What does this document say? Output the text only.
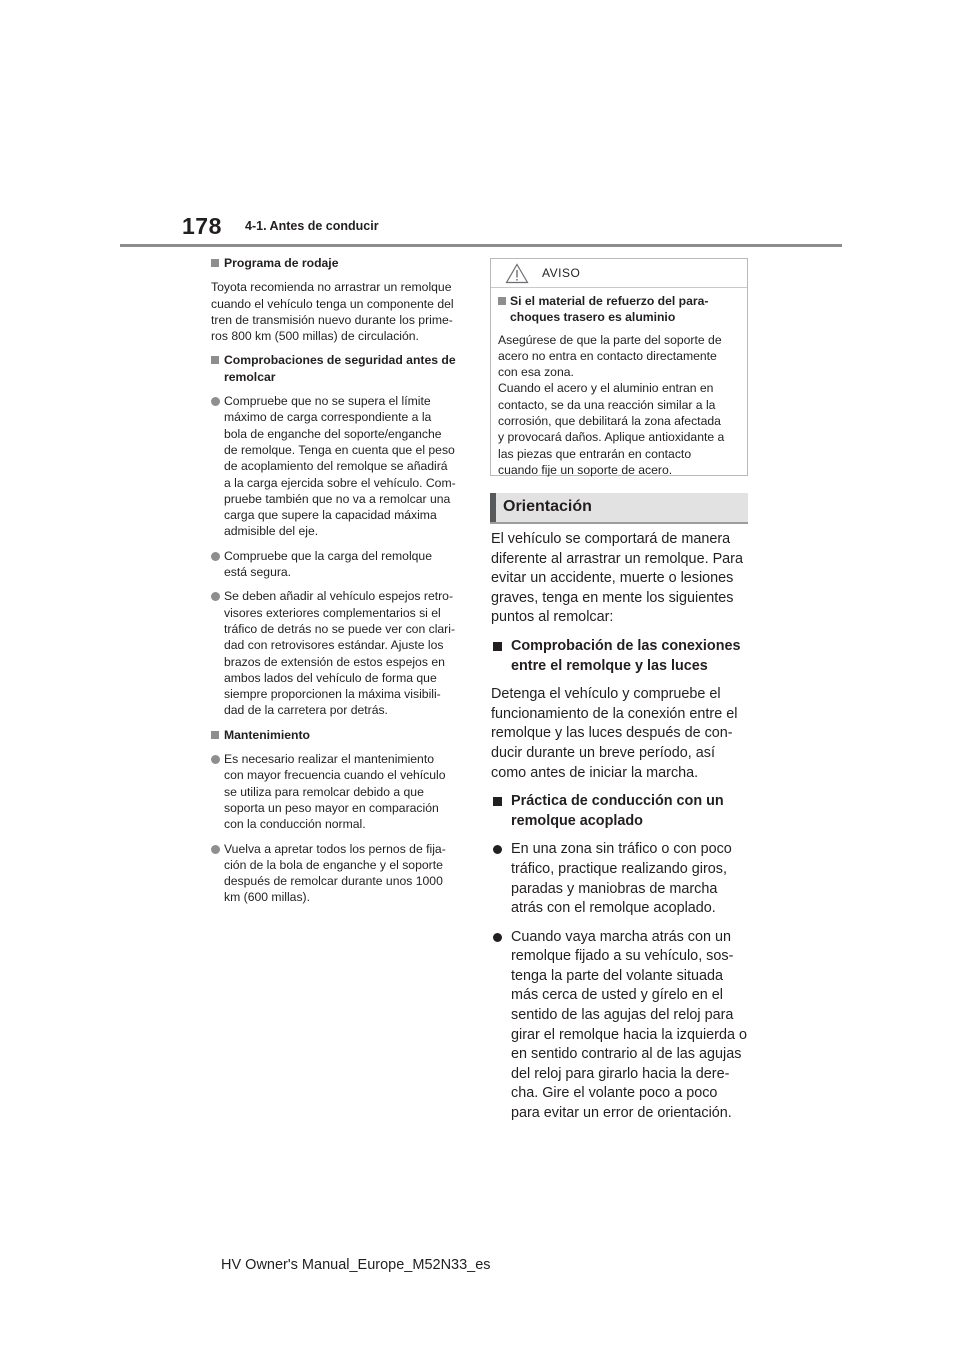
178 4-1. Antes de conducir
Programa de rodaje
Toyota recomienda no arrastrar un remolque
cuando el vehículo tenga un componente del
tren de transmisión nuevo durante los prime-
ros 800 km (500 millas) de circulación.
Comprobaciones de seguridad antes de
remolcar
Compruebe que no se supera el límite
máximo de carga correspondiente a la
bola de enganche del soporte/enganche
de remolque. Tenga en cuenta que el peso
de acoplamiento del remolque se añadirá
a la carga ejercida sobre el vehículo. Com-
pruebe también que no va a remolcar una
carga que supere la capacidad máxima
admisible del eje.
Compruebe que la carga del remolque
está segura.
Se deben añadir al vehículo espejos retro-
visores exteriores complementarios si el
tráfico de detrás no se puede ver con clari-
dad con retrovisores estándar. Ajuste los
brazos de extensión de estos espejos en
ambos lados del vehículo de forma que
siempre proporcionen la máxima visibili-
dad de la carretera por detrás.
Mantenimiento
Es necesario realizar el mantenimiento
con mayor frecuencia cuando el vehículo
se utiliza para remolcar debido a que
soporta un peso mayor en comparación
con la conducción normal.
Vuelva a apretar todos los pernos de fija-
ción de la bola de enganche y el soporte
después de remolcar durante unos 1000
km (600 millas).
AVISO
Si el material de refuerzo del para-
choques trasero es aluminio
Asegúrese de que la parte del soporte de
acero no entra en contacto directamente
con esa zona.
Cuando el acero y el aluminio entran en
contacto, se da una reacción similar a la
corrosión, que debilitará la zona afectada
y provocará daños. Aplique antioxidante a
las piezas que entrarán en contacto
cuando fije un soporte de acero.
Orientación
El vehículo se comportará de manera
diferente al arrastrar un remolque. Para
evitar un accidente, muerte o lesiones
graves, tenga en mente los siguientes
puntos al remolcar:
Comprobación de las conexiones
entre el remolque y las luces
Detenga el vehículo y compruebe el
funcionamiento de la conexión entre el
remolque y las luces después de con-
ducir durante un breve período, así
como antes de iniciar la marcha.
Práctica de conducción con un
remolque acoplado
En una zona sin tráfico o con poco
tráfico, practique realizando giros,
paradas y maniobras de marcha
atrás con el remolque acoplado.
Cuando vaya marcha atrás con un
remolque fijado a su vehículo, sos-
tenga la parte del volante situada
más cerca de usted y gírelo en el
sentido de las agujas del reloj para
girar el remolque hacia la izquierda o
en sentido contrario al de las agujas
del reloj para girarlo hacia la dere-
cha. Gire el volante poco a poco
para evitar un error de orientación.
HV Owner's Manual_Europe_M52N33_es
